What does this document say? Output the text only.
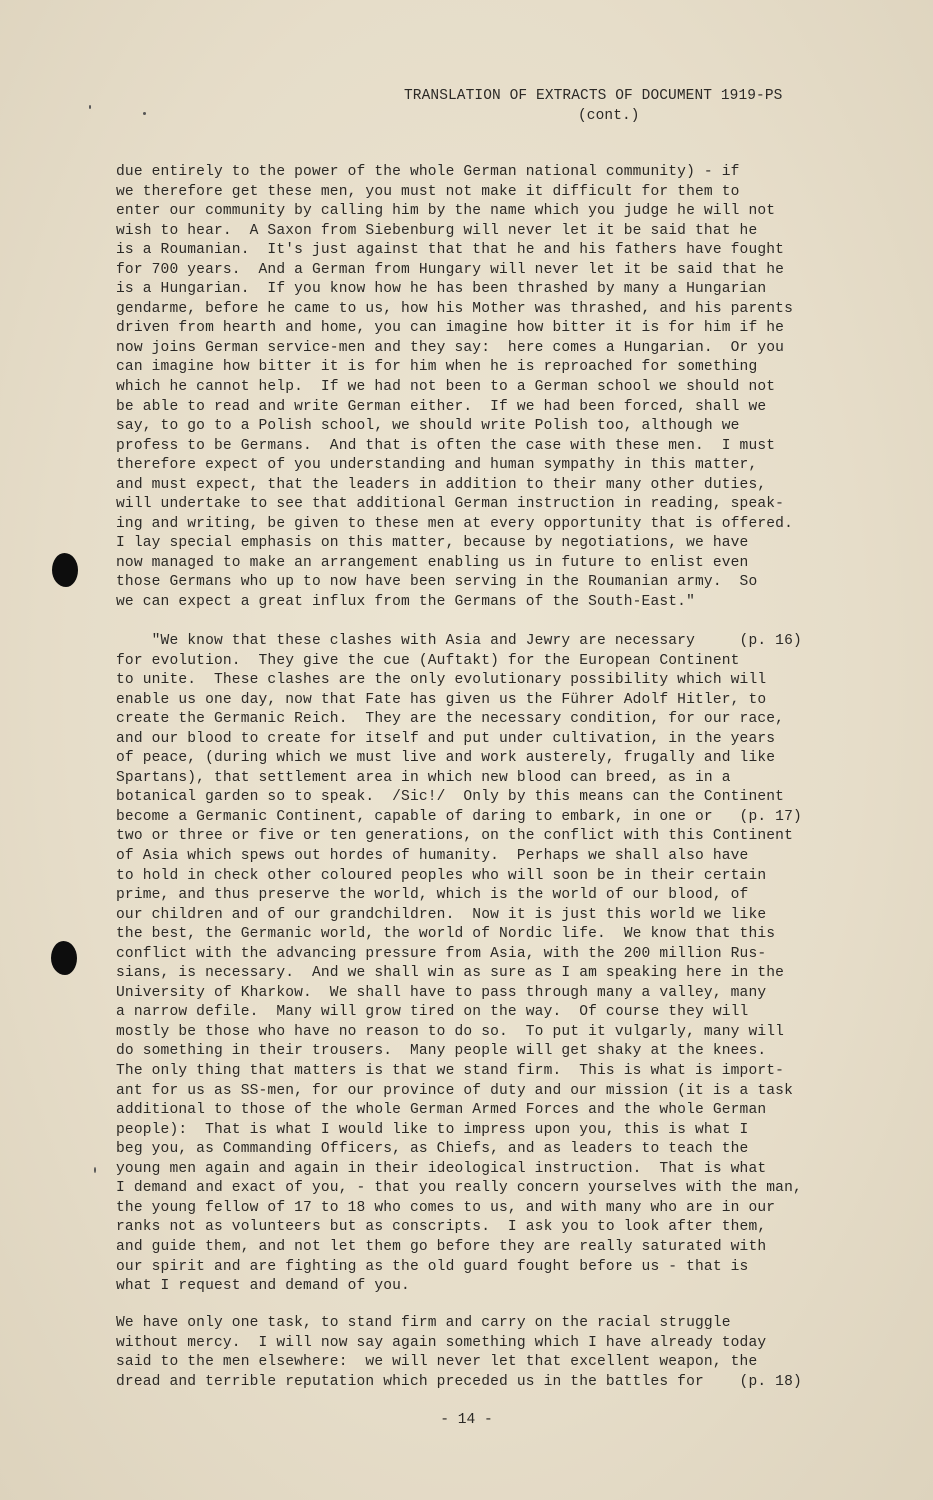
TRANSLATION OF EXTRACTS OF DOCUMENT 1919-PS
(cont.)
due entirely to the power of the whole German national community) - if
we therefore get these men, you must not make it difficult for them to
enter our community by calling him by the name which you judge he will not
wish to hear.  A Saxon from Siebenburg will never let it be said that he
is a Roumanian.  It's just against that that he and his fathers have fought
for 700 years.  And a German from Hungary will never let it be said that he
is a Hungarian.  If you know how he has been thrashed by many a Hungarian
gendarme, before he came to us, how his Mother was thrashed, and his parents
driven from hearth and home, you can imagine how bitter it is for him if he
now joins German service-men and they say:  here comes a Hungarian.  Or you
can imagine how bitter it is for him when he is reproached for something
which he cannot help.  If we had not been to a German school we should not
be able to read and write German either.  If we had been forced, shall we
say, to go to a Polish school, we should write Polish too, although we
profess to be Germans.  And that is often the case with these men.  I must
therefore expect of you understanding and human sympathy in this matter,
and must expect, that the leaders in addition to their many other duties,
will undertake to see that additional German instruction in reading, speak-
ing and writing, be given to these men at every opportunity that is offered.
I lay special emphasis on this matter, because by negotiations, we have
now managed to make an arrangement enabling us in future to enlist even
those Germans who up to now have been serving in the Roumanian army.  So
we can expect a great influx from the Germans of the South-East."
"We know that these clashes with Asia and Jewry are necessary     (p. 16)
for evolution.  They give the cue (Auftakt) for the European Continent
to unite.  These clashes are the only evolutionary possibility which will
enable us one day, now that Fate has given us the Führer Adolf Hitler, to
create the Germanic Reich.  They are the necessary condition, for our race,
and our blood to create for itself and put under cultivation, in the years
of peace, (during which we must live and work austerely, frugally and like
Spartans), that settlement area in which new blood can breed, as in a
botanical garden so to speak.  /Sic!/  Only by this means can the Continent
become a Germanic Continent, capable of daring to embark, in one or   (p. 17)
two or three or five or ten generations, on the conflict with this Continent
of Asia which spews out hordes of humanity.  Perhaps we shall also have
to hold in check other coloured peoples who will soon be in their certain
prime, and thus preserve the world, which is the world of our blood, of
our children and of our grandchildren.  Now it is just this world we like
the best, the Germanic world, the world of Nordic life.  We know that this
conflict with the advancing pressure from Asia, with the 200 million Rus-
sians, is necessary.  And we shall win as sure as I am speaking here in the
University of Kharkow.  We shall have to pass through many a valley, many
a narrow defile.  Many will grow tired on the way.  Of course they will
mostly be those who have no reason to do so.  To put it vulgarly, many will
do something in their trousers.  Many people will get shaky at the knees.
The only thing that matters is that we stand firm.  This is what is import-
ant for us as SS-men, for our province of duty and our mission (it is a task
additional to those of the whole German Armed Forces and the whole German
people):  That is what I would like to impress upon you, this is what I
beg you, as Commanding Officers, as Chiefs, and as leaders to teach the
young men again and again in their ideological instruction.  That is what
I demand and exact of you, - that you really concern yourselves with the man,
the young fellow of 17 to 18 who comes to us, and with many who are in our
ranks not as volunteers but as conscripts.  I ask you to look after them,
and guide them, and not let them go before they are really saturated with
our spirit and are fighting as the old guard fought before us - that is
what I request and demand of you.
We have only one task, to stand firm and carry on the racial struggle
without mercy.  I will now say again something which I have already today
said to the men elsewhere:  we will never let that excellent weapon, the
dread and terrible reputation which preceded us in the battles for    (p. 18)
- 14 -
